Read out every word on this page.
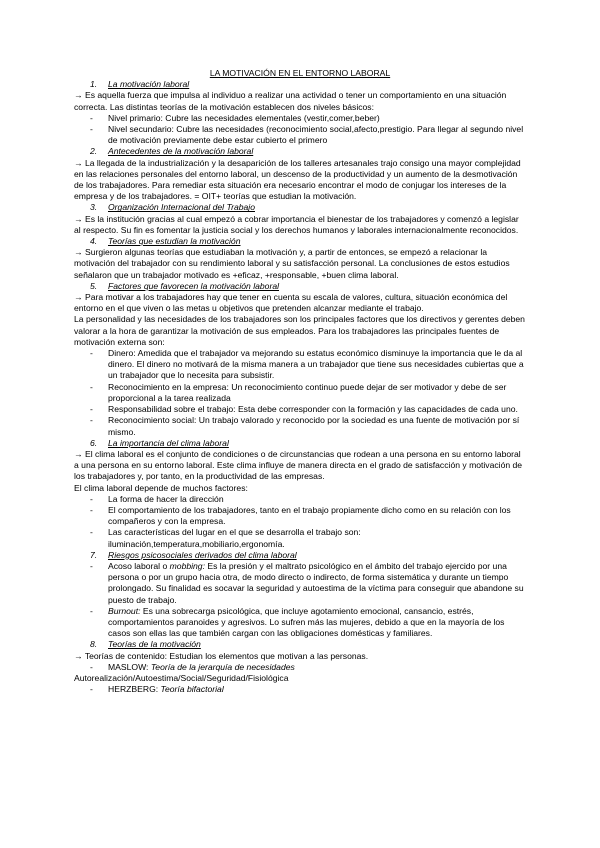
LA MOTIVACIÓN EN EL ENTORNO LABORAL
1. La motivación laboral

→ Es aquella fuerza que impulsa al individuo a realizar una actividad o tener un comportamiento en una situación correcta. Las distintas teorías de la motivación establecen dos niveles básicos:

- Nivel primario: Cubre las necesidades elementales (vestir,comer,beber)
- Nivel secundario: Cubre las necesidades (reconocimiento social,afecto,prestigio. Para llegar al segundo nivel de motivación previamente debe estar cubierto el primero
2. Antecedentes de la motivación laboral

→ La llegada de la industrialización y la desaparición de los talleres artesanales trajo consigo una mayor complejidad en las relaciones personales del entorno laboral, un descenso de la productividad y un aumento de la desmotivación de los trabajadores. Para remediar esta situación era necesario encontrar el modo de conjugar los intereses de la empresa y de los trabajadores. = OIT+ teorías que estudian la motivación.

3. Organización Internacional del Trabajo

→ Es la institución gracias al cual empezó a cobrar importancia el bienestar de los trabajadores y comenzó a legislar al respecto. Su fin es fomentar la justicia social y los derechos humanos y laborales internacionalmente reconocidos.

4. Teorías que estudian la motivación

→ Surgieron algunas teorías que estudiaban la motivación y, a partir de entonces, se empezó a relacionar la motivación del trabajador con su rendimiento laboral y su satisfacción personal. La conclusiones de estos estudios señalaron que un trabajador motivado es +eficaz, +responsable, +buen clima laboral.

5. Factores que favorecen la motivación laboral

→ Para motivar a los trabajadores hay que tener en cuenta su escala de valores, cultura, situación económica del entorno en el que viven o las metas u objetivos que pretenden alcanzar mediante el trabajo.

La personalidad y las necesidades de los trabajadores son los principales factores que los directivos y gerentes deben valorar a la hora de garantizar la motivación de sus empleados. Para los trabajadores las principales fuentes de motivación externa son:

- Dinero: Amedida que el trabajador va mejorando su estatus económico disminuye la importancia que le da al dinero. El dinero no motivará de la misma manera a un trabajador que tiene sus necesidades cubiertas que a un trabajador que lo necesita para subsistir.
- Reconocimiento en la empresa: Un reconocimiento continuo puede dejar de ser motivador y debe de ser proporcional a la tarea realizada
- Responsabilidad sobre el trabajo: Esta debe corresponder con la formación y las capacidades de cada uno.
- Reconocimiento social: Un trabajo valorado y reconocido por la sociedad es una fuente de motivación por sí mismo.
6. La importancia del clima laboral

→ El clima laboral es el conjunto de condiciones o de circunstancias que rodean a una persona en su entorno laboral a una persona en su entorno laboral. Este clima influye de manera directa en el grado de satisfacción y motivación de los trabajadores y, por tanto, en la productividad de las empresas.

El clima laboral depende de muchos factores:

- La forma de hacer la dirección
- El comportamiento de los trabajadores, tanto en el trabajo propiamente dicho como en su relación con los compañeros y con la empresa.
- Las características del lugar en el que se desarrolla el trabajo son: iluminación,temperatura,mobiliario,ergonomía.
7. Riesgos psicosociales derivados del clima laboral
- Acoso laboral o mobbing: Es la presión y el maltrato psicológico en el ámbito del trabajo ejercido por una persona o por un grupo hacia otra, de modo directo o indirecto, de forma sistemática y durante un tiempo prolongado. Su finalidad es socavar la seguridad y autoestima de la víctima para conseguir que abandone su puesto de trabajo.
- Burnout: Es una sobrecarga psicológica, que incluye agotamiento emocional, cansancio, estrés, comportamientos paranoides y agresivos. Lo sufren más las mujeres, debido a que en la mayoría de los casos son ellas las que también cargan con las obligaciones domésticas y familiares.
8. Teorías de la motivación

→ Teorías de contenido: Estudian los elementos que motivan a las personas.

- MASLOW: Teoría de la jerarquía de necesidades

Autorealización/Autoestima/Social/Seguridad/Fisiológica

- HERZBERG: Teoría bifactorial
